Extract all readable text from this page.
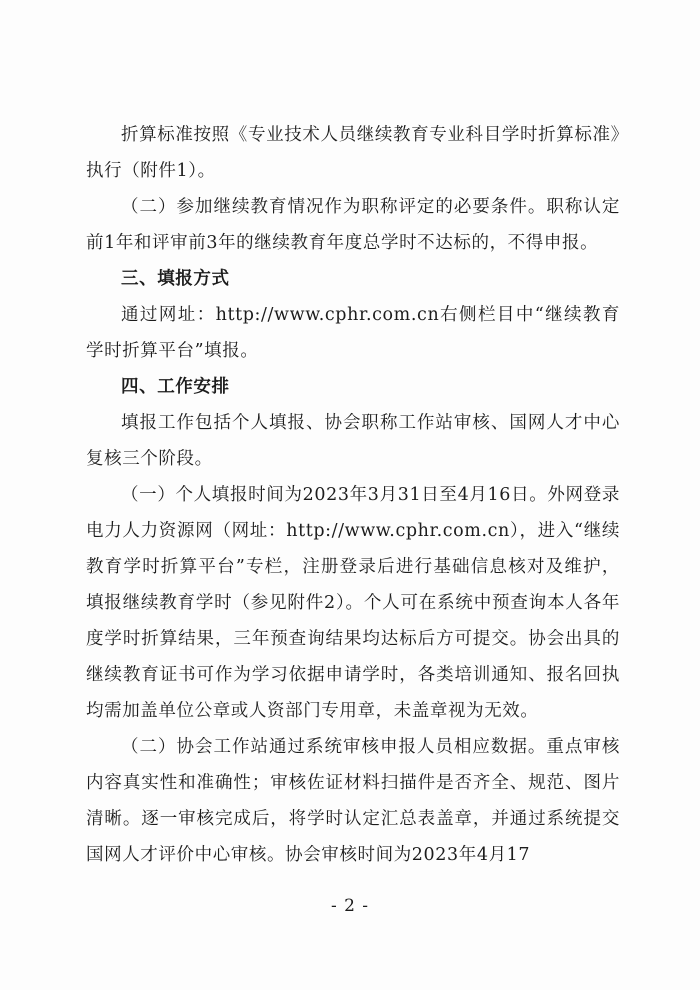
折算标准按照《专业技术人员继续教育专业科目学时折算标准》执行（附件1）。

（二）参加继续教育情况作为职称评定的必要条件。职称认定前1年和评审前3年的继续教育年度总学时不达标的，不得申报。

三、填报方式

通过网址：http://www.cphr.com.cn右侧栏目中“继续教育学时折算平台”填报。

四、工作安排

填报工作包括个人填报、协会职称工作站审核、国网人才中心复核三个阶段。

（一）个人填报时间为2023年3月31日至4月16日。外网登录电力人力资源网（网址：http://www.cphr.com.cn），进入“继续教育学时折算平台”专栏，注册登录后进行基础信息核对及维护，填报继续教育学时（参见附件2）。个人可在系统中预查询本人各年度学时折算结果，三年预查询结果均达标后方可提交。协会出具的继续教育证书可作为学习依据申请学时，各类培训通知、报名回执均需加盖单位公章或人资部门专用章，未盖章视为无效。

（二）协会工作站通过系统审核申报人员相应数据。重点审核内容真实性和准确性；审核佐证材料扫描件是否齐全、规范、图片清晰。逐一审核完成后，将学时认定汇总表盖章，并通过系统提交国网人才评价中心审核。协会审核时间为2023年4月17

- 2 -
